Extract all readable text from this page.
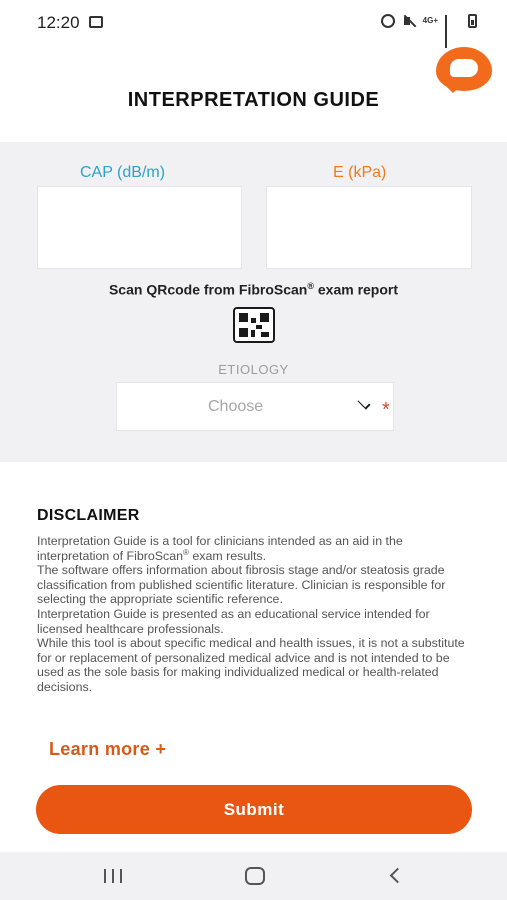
12:20	4G+
INTERPRETATION GUIDE
CAP (dB/m)	E (kPa)
Scan QRcode from FibroScan® exam report
ETIOLOGY
Choose	*
DISCLAIMER
Interpretation Guide is a tool for clinicians intended as an aid in the interpretation of FibroScan® exam results.
The software offers information about fibrosis stage and/or steatosis grade classification from published scientific literature. Clinician is responsible for selecting the appropriate scientific reference.
Interpretation Guide is presented as an educational service intended for licensed healthcare professionals.
While this tool is about specific medical and health issues, it is not a substitute for or replacement of personalized medical advice and is not intended to be used as the sole basis for making individualized medical or health-related decisions.
Learn more +
Submit
